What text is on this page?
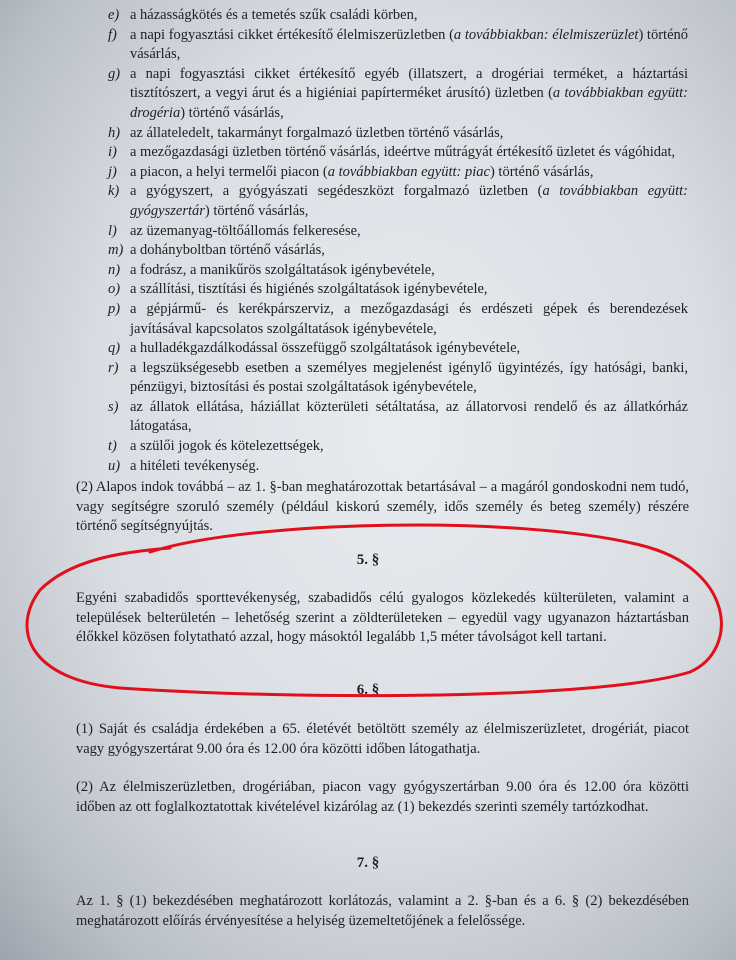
e) a házasságkötés és a temetés szűk családi körben,
f) a napi fogyasztási cikket értékesítő élelmiszerüzletben (a továbbiakban: élelmiszerüzlet) történő vásárlás,
g) a napi fogyasztási cikket értékesítő egyéb (illatszert, a drogériai terméket, a háztartási tisztítószert, a vegyi árut és a higiéniai papírterméket árusító) üzletben (a továbbiakban együtt: drogéria) történő vásárlás,
h) az állateledelt, takarmányt forgalmazó üzletben történő vásárlás,
i) a mezőgazdasági üzletben történő vásárlás, ideértve műtrágyát értékesítő üzletet és vágóhidat,
j) a piacon, a helyi termelői piacon (a továbbiakban együtt: piac) történő vásárlás,
k) a gyógyszert, a gyógyászati segédeszközt forgalmazó üzletben (a továbbiakban együtt: gyógyszertár) történő vásárlás,
l) az üzemanyag-töltőállomás felkeresése,
m) a dohányboltban történő vásárlás,
n) a fodrász, a manikűrös szolgáltatások igénybevétele,
o) a szállítási, tisztítási és higiénés szolgáltatások igénybevétele,
p) a gépjármű- és kerékpárszerviz, a mezőgazdasági és erdészeti gépek és berendezések javításával kapcsolatos szolgáltatások igénybevétele,
q) a hulladékgazdálkodással összefüggő szolgáltatások igénybevétele,
r) a legszükségesebb esetben a személyes megjelenést igénylő ügyintézés, így hatósági, banki, pénzügyi, biztosítási és postai szolgáltatások igénybevétele,
s) az állatok ellátása, háziállat közterületi sétáltatása, az állatorvosi rendelő és az állatkórház látogatása,
t) a szülői jogok és kötelezettségek,
u) a hitéleti tevékenység.
(2) Alapos indok továbbá – az 1. §-ban meghatározottak betartásával – a magáról gondoskodni nem tudó, vagy segítségre szoruló személy (például kiskorú személy, idős személy és beteg személy) részére történő segítségnyújtás.
5. §
Egyéni szabadidős sporttevékenység, szabadidős célú gyalogos közlekedés külterületen, valamint a települések belterületén – lehetőség szerint a zöldterületeken – egyedül vagy ugyanazon háztartásban élőkkel közösen folytatható azzal, hogy másoktól legalább 1,5 méter távolságot kell tartani.
6. §
(1) Saját és családja érdekében a 65. életévét betöltött személy az élelmiszerüzletet, drogériát, piacot vagy gyógyszertárat 9.00 óra és 12.00 óra közötti időben látogathatja.
(2) Az élelmiszerüzletben, drogériában, piacon vagy gyógyszertárban 9.00 óra és 12.00 óra közötti időben az ott foglalkoztatottak kivételével kizárólag az (1) bekezdés szerinti személy tartózkodhat.
7. §
Az 1. § (1) bekezdésében meghatározott korlátozás, valamint a 2. §-ban és a 6. § (2) bekezdésében meghatározott előírás érvényesítése a helyiség üzemeltetőjének a felelőssége.
